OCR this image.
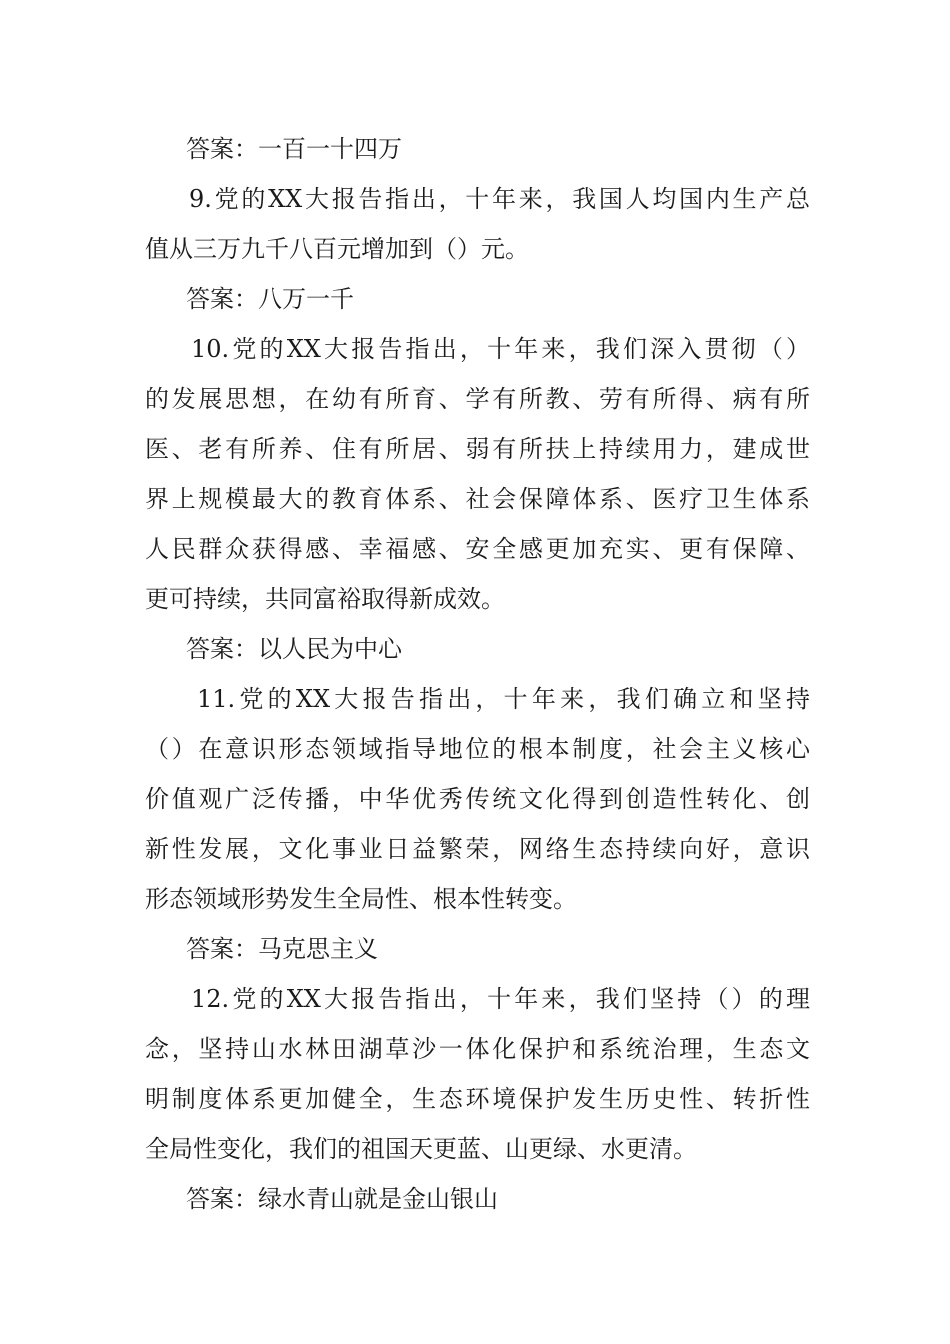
答案：一百一十四万
9.党的XX大报告指出，十年来，我国人均国内生产总
值从三万九千八百元增加到（）元。
答案：八万一千
10.党的XX大报告指出，十年来，我们深入贯彻（）
的发展思想，在幼有所育、学有所教、劳有所得、病有所
医、老有所养、住有所居、弱有所扶上持续用力，建成世
界上规模最大的教育体系、社会保障体系、医疗卫生体系
人民群众获得感、幸福感、安全感更加充实、更有保障、
更可持续，共同富裕取得新成效。
答案：以人民为中心
11.党的XX大报告指出，十年来，我们确立和坚持
（）在意识形态领域指导地位的根本制度，社会主义核心
价值观广泛传播，中华优秀传统文化得到创造性转化、创
新性发展，文化事业日益繁荣，网络生态持续向好，意识
形态领域形势发生全局性、根本性转变。
答案：马克思主义
12.党的XX大报告指出，十年来，我们坚持（）的理
念，坚持山水林田湖草沙一体化保护和系统治理，生态文
明制度体系更加健全，生态环境保护发生历史性、转折性
全局性变化，我们的祖国天更蓝、山更绿、水更清。
答案：绿水青山就是金山银山
